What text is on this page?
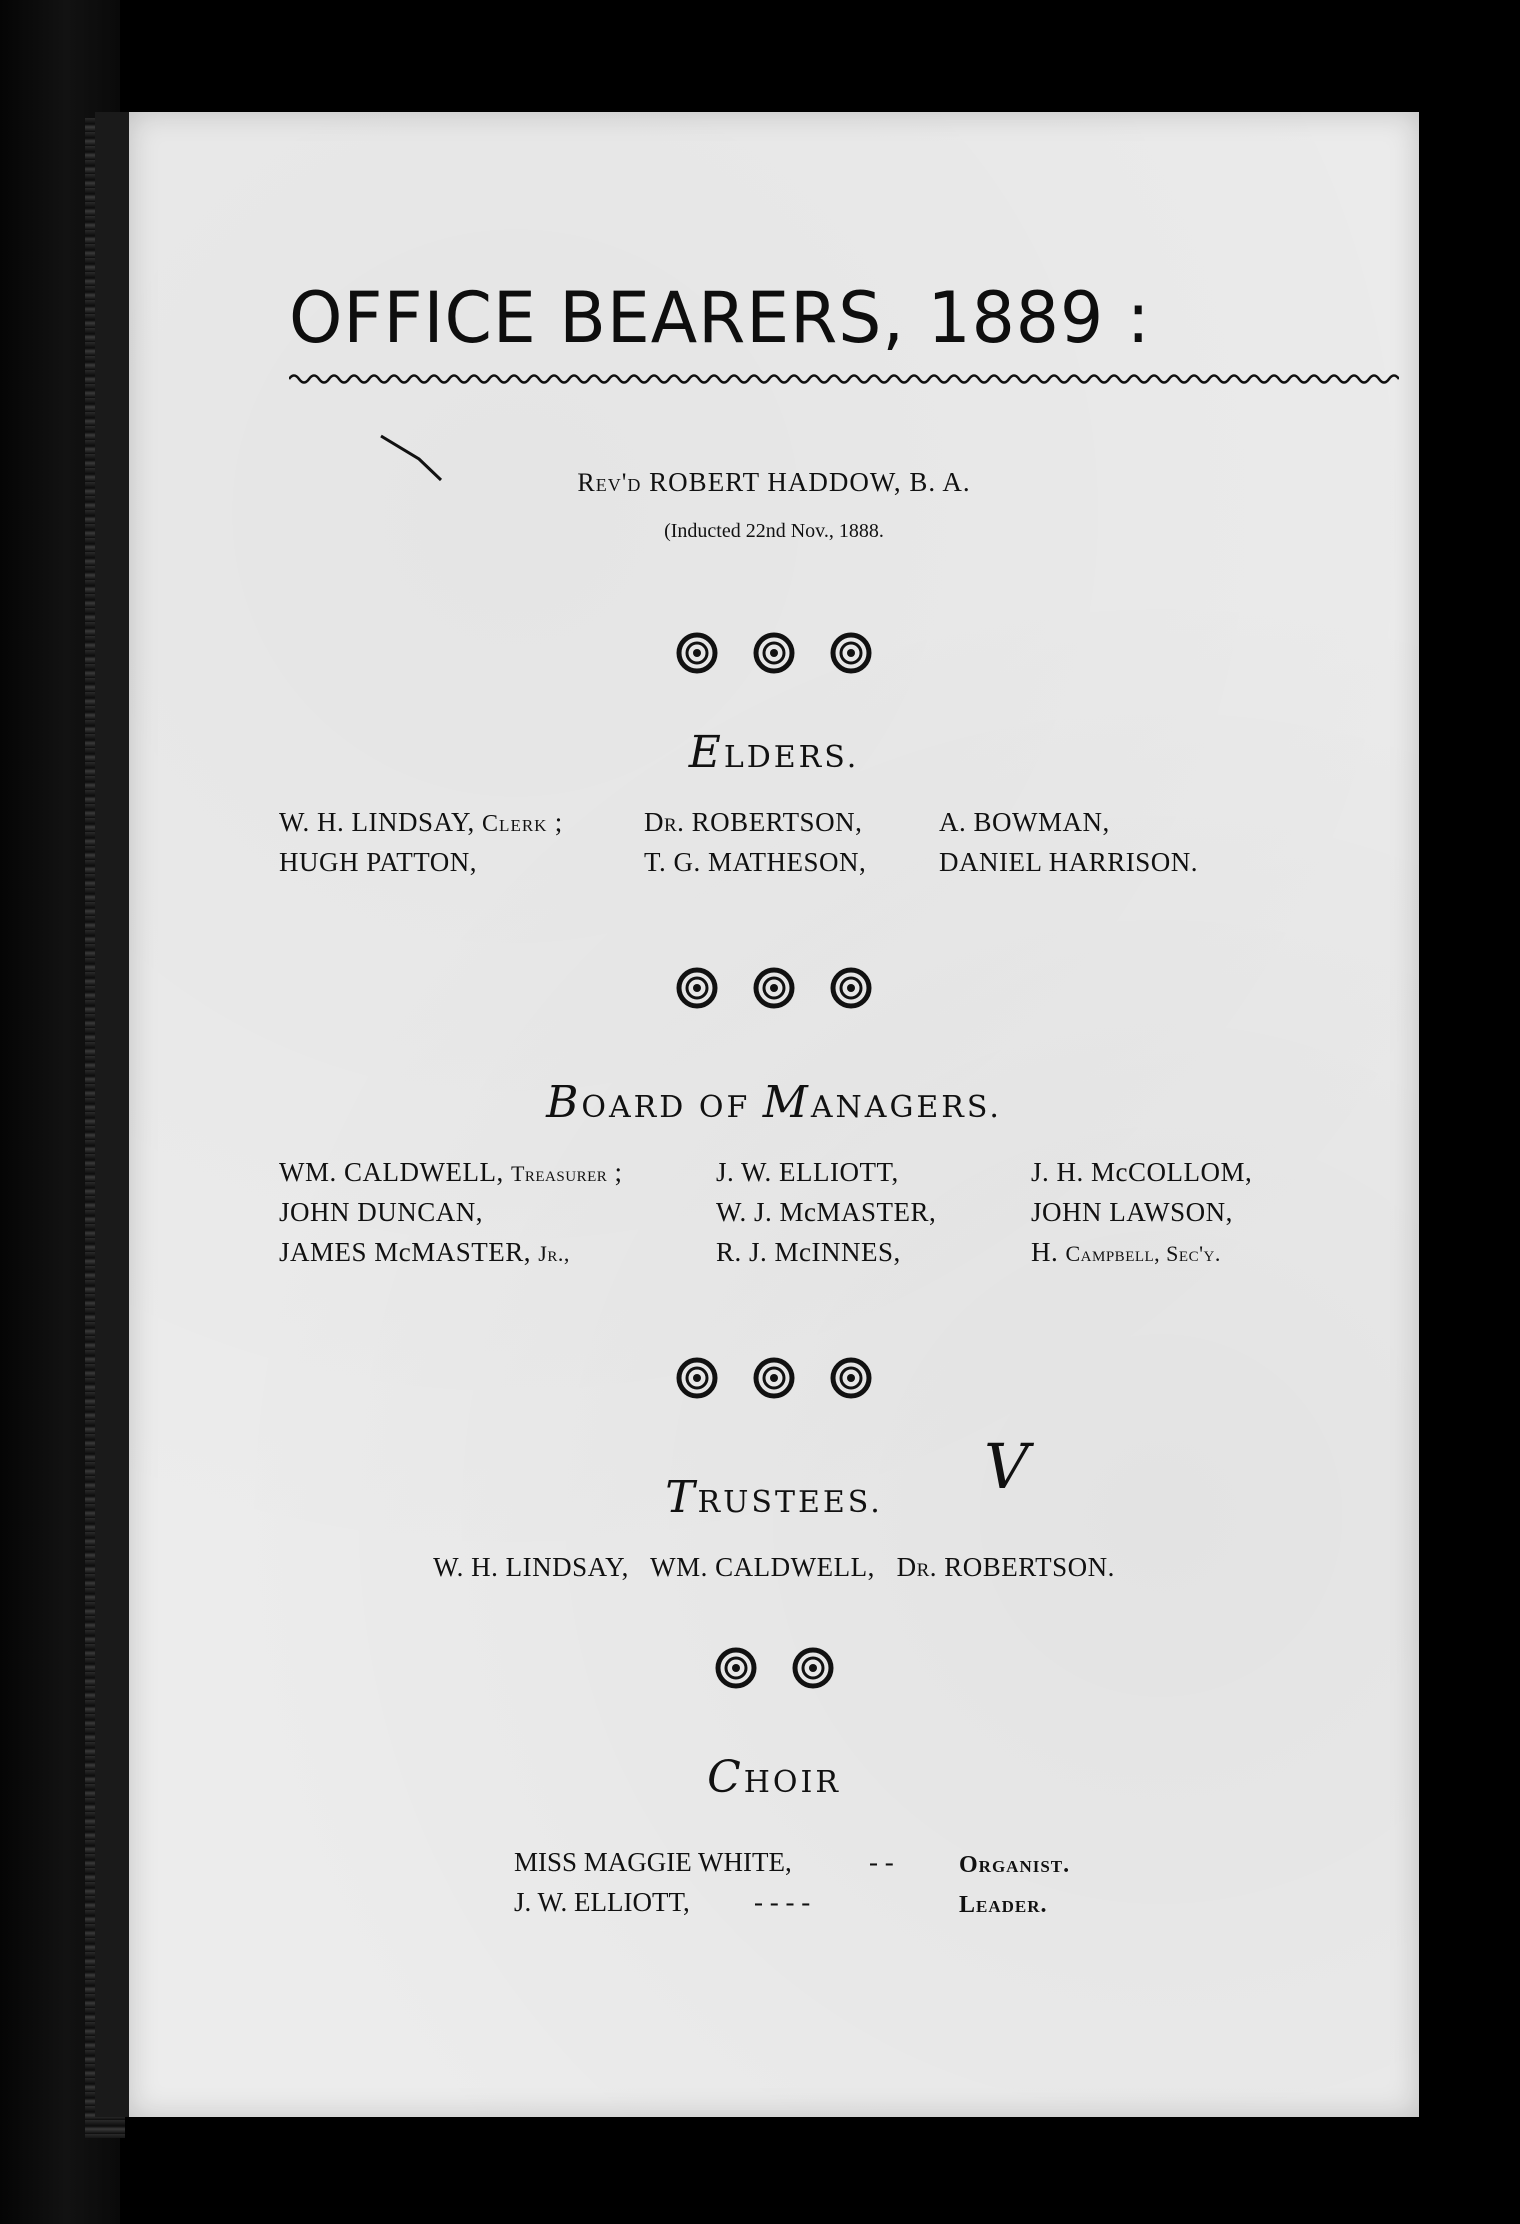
OFFICE BEARERS, 1889 :
Rev'd ROBERT HADDOW, B. A.
(Inducted 22nd Nov., 1888.
ELDERS.
W. H. LINDSAY, Clerk ;	Dr. ROBERTSON,	A. BOWMAN,
HUGH PATTON,	T. G. MATHESON,	DANIEL HARRISON.
BOARD OF MANAGERS.
WM. CALDWELL, Treasurer ;	J. W. ELLIOTT,	J. H. McCOLLOM,
JOHN DUNCAN,	W. J. McMASTER,	JOHN LAWSON,
JAMES McMASTER, Jr.,	R. J. McINNES,	H. Campbell, Sec'y.
V
TRUSTEES.
W. H. LINDSAY, WM. CALDWELL, Dr. ROBERTSON.
CHOIR
MISS MAGGIE WHITE,	- -	Organist.
J. W. ELLIOTT, - - - -	Leader.
